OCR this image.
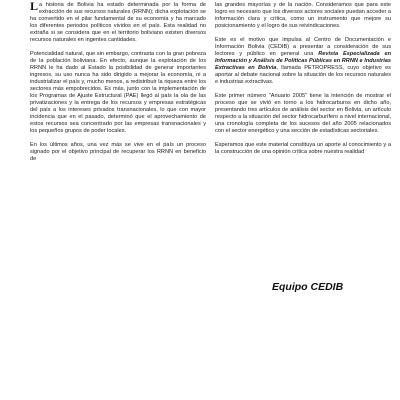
La historia de Bolivia ha estado determinada por la forma de extracción de sus recursos naturales (RRNN); dicha explotación se ha convertido en el pilar fundamental de su economía y ha marcado los diferentes periodos políticos vividos en el país. Esta realidad no extraña si se considera que en el territorio boliviano existen diversos recursos naturales en ingentes cantidades.

Potencialidad natural, que sin embargo, contrasta con la gran pobreza de la población boliviana. En efecto, aunque la explotación de los RRNN le ha dado al Estado la posibilidad de generar importantes ingresos, su uso nunca ha sido dirigido a mejorar la economía, ni a industrializar el país y, mucho menos, a redistribuir la riqueza entre los sectores más empobrecidos. Es más, junto con la implementación de los Programas de Ajuste Estructural (PAE) llegó al país la ola de las privatizaciones y la entrega de los recursos y empresas estratégicas del país a los intereses privados transnacionales, lo que con mayor incidencia que en el pasado, determinó que el aprovechamiento de estos recursos sea concentrado por las empresas transnacionales y los pequeños grupos de poder locales.

En los últimos años, una vez más se vive en el país un proceso signado por el objetivo principal de recuperar los RRNN en beneficio de

las grandes mayorías y de la nación. Consideramos que para este logro es necesario que los diversos actores sociales puedan acceder a información clara y crítica, como un instrumento que mejore su posicionamiento y el logro de sus reivindicaciones.

Este es el motivo que impulsa al Centro de Documentación e Información Bolivia (CEDIB) a presentar a consideración de sus lectores y público en general una Revista Especializada en Información y Análisis de Políticas Públicas en RRNN e Industrias Extractivas en Bolivia, llamada PETROPRESS, cuyo objetivo es aportar al debate nacional sobre la situación de los recursos naturales e industrias extractivas.

Este primer número "Anuario 2005" tiene la intención de mostrar el proceso que se vivió en torno a los hidrocarburos en dicho año, presentando tres artículos de análisis del sector en Bolivia, un artículo respecto a la situación del sector hidrocarburífero a nivel internacional, una cronología completa de los sucesos del año 2005 relacionados con el sector energético y una sección de estadísticas sectoriales.

Esperamos que este material constituya un aporte al conocimiento y a la construcción de una opinión crítica sobre nuestra realidad

Equipo CEDIB
